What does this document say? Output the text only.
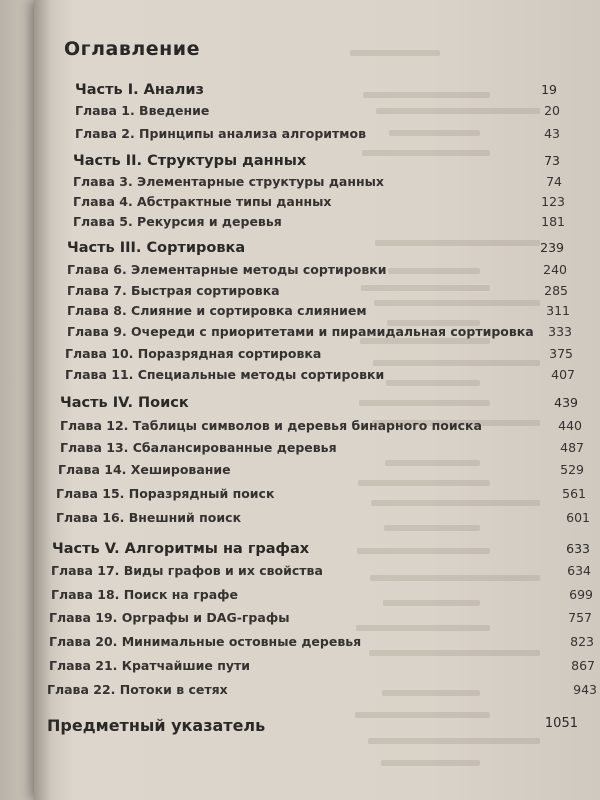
Оглавление
Часть I. Анализ	19
Глава 1. Введение	20
Глава 2. Принципы анализа алгоритмов	43
Часть II. Структуры данных	73
Глава 3. Элементарные структуры данных	74
Глава 4. Абстрактные типы данных	123
Глава 5. Рекурсия и деревья	181
Часть III. Сортировка	239
Глава 6. Элементарные методы сортировки	240
Глава 7. Быстрая сортировка	285
Глава 8. Слияние и сортировка слиянием	311
Глава 9. Очереди с приоритетами и пирамидальная сортировка 333
Глава 10. Поразрядная сортировка	375
Глава 11. Специальные методы сортировки	407
Часть IV. Поиск	439
Глава 12. Таблицы символов и деревья бинарного поиска	440
Глава 13. Сбалансированные деревья	487
Глава 14. Хеширование	529
Глава 15. Поразрядный поиск	561
Глава 16. Внешний поиск	601
Часть V. Алгоритмы на графах	633
Глава 17. Виды графов и их свойства	634
Глава 18. Поиск на графе	699
Глава 19. Орграфы и DAG-графы	757
Глава 20. Минимальные остовные деревья	823
Глава 21. Кратчайшие пути	867
Глава 22. Потоки в сетях	943
Предметный указатель	1051
